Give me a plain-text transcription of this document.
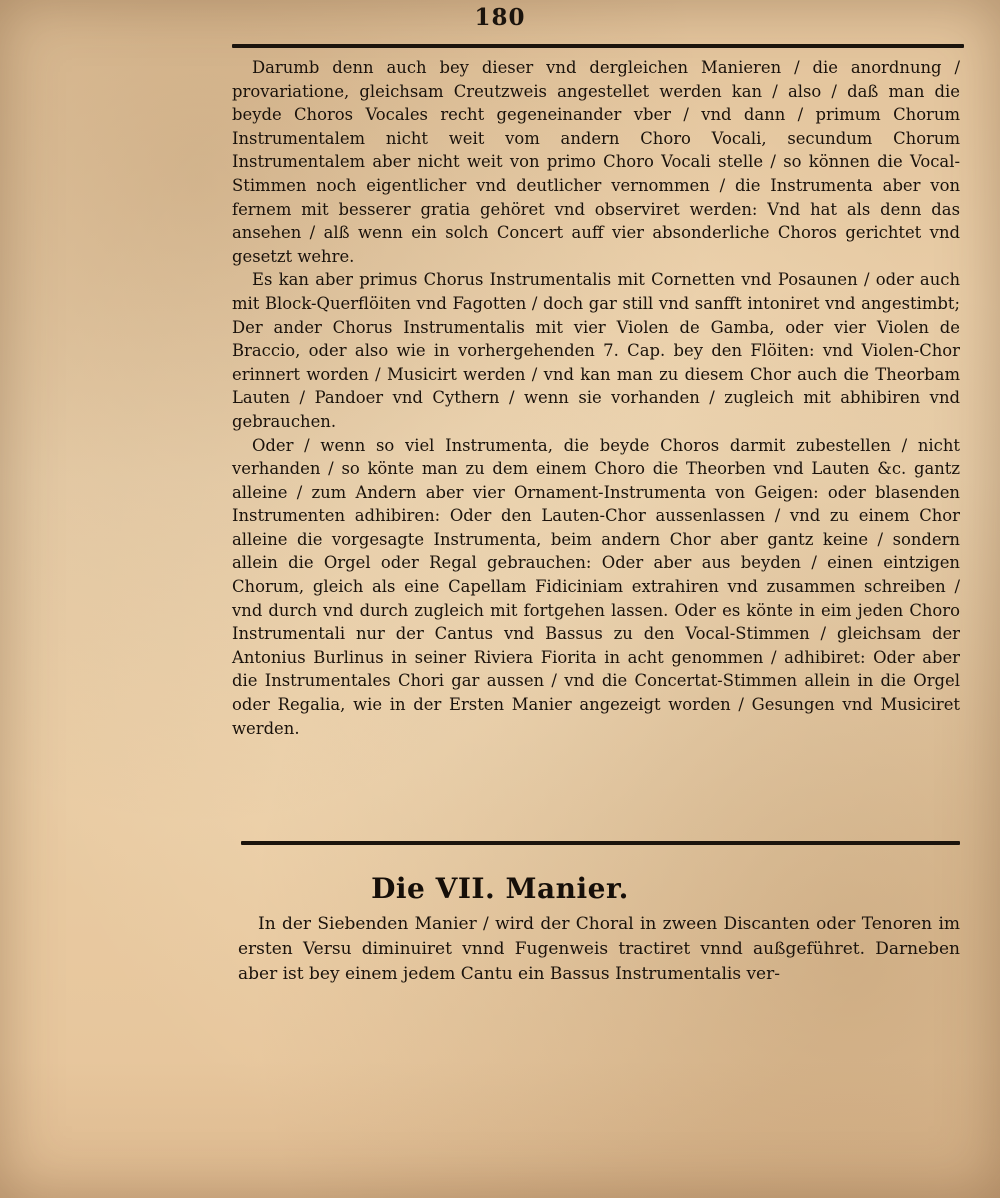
180

Darumb denn auch bey dieser vnd dergleichen Manieren / die anordnung / provariatione, gleichsam Creutzweis angestellet werden kan / also / daß man die beyde Choros Vocales recht gegeneinander vber / vnd dann / primum Chorum Instrumentalem nicht weit vom andern Choro Vocali, secundum Chorum Instrumentalem aber nicht weit von primo Choro Vocali stelle / so können die Vocal-Stimmen noch eigentlicher vnd deutlicher vernommen / die Instrumenta aber von fernem mit besserer gratia gehöret vnd observiret werden: Vnd hat als denn das ansehen / alß wenn ein solch Concert auff vier absonderliche Choros gerichtet vnd gesetzt wehre.

Es kan aber primus Chorus Instrumentalis mit Cornetten vnd Posaunen / oder auch mit Block-Querflöiten vnd Fagotten / doch gar still vnd sanfft intoniret vnd angestimbt; Der ander Chorus Instrumentalis mit vier Violen de Gamba, oder vier Violen de Braccio, oder also wie in vorhergehenden 7. Cap. bey den Flöiten: vnd Violen-Chor erinnert worden / Musicirt werden / vnd kan man zu diesem Chor auch die Theorbam Lauten / Pandoer vnd Cythern / wenn sie vorhanden / zugleich mit abhibiren vnd gebrauchen.

Oder / wenn so viel Instrumenta, die beyde Choros darmit zubestellen / nicht verhanden / so könte man zu dem einem Choro die Theorben vnd Lauten &c. gantz alleine / zum Andern aber vier Ornament-Instrumenta von Geigen: oder blasenden Instrumenten adhibiren: Oder den Lauten-Chor aussenlassen / vnd zu einem Chor alleine die vorgesagte Instrumenta, beim andern Chor aber gantz keine / sondern allein die Orgel oder Regal gebrauchen: Oder aber aus beyden / einen eintzigen Chorum, gleich als eine Capellam Fidiciniam extrahiren vnd zusammen schreiben / vnd durch vnd durch zugleich mit fortgehen lassen. Oder es könte in eim jeden Choro Instrumentali nur der Cantus vnd Bassus zu den Vocal-Stimmen / gleichsam der Antonius Burlinus in seiner Riviera Fiorita in acht genommen / adhibiret: Oder aber die Instrumentales Chori gar aussen / vnd die Concertat-Stimmen allein in die Orgel oder Regalia, wie in der Ersten Manier angezeigt worden / Gesungen vnd Musiciret werden.

Die VII. Manier.

In der Siebenden Manier / wird der Choral in zween Discanten oder Tenoren im ersten Versu diminuiret vnnd Fugenweis tractiret vnnd außgeführet. Darneben aber ist bey einem jedem Cantu ein Bassus Instrumentalis ver-
